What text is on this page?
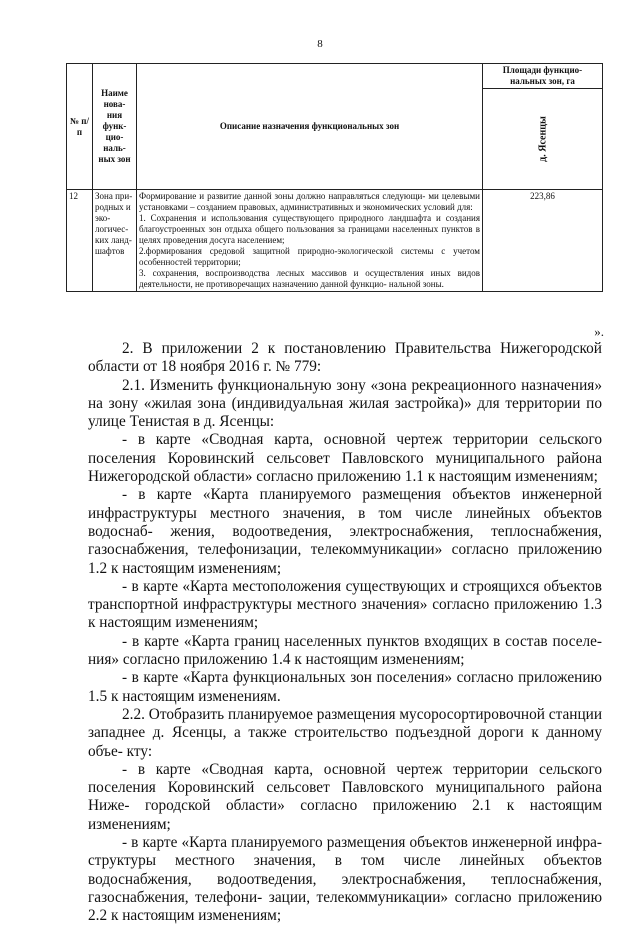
8
№ п/п	Наиме нова- ния функ- цио- наль- ных зон	Описание назначения функциональных зон	Площади функцио- нальных зон, га

			д. Ясенцы

12	Зона при- родных и эко- логичес- ких ланд- шафтов	Формирование и развитие данной зоны должно направляться следующи- ми целевыми установками – созданием правовых, административных и экономических условий для:
1. Сохранения и использования существующего природного ландшафта и создания благоустроенных зон отдыха общего пользования за границами населенных пунктов в целях проведения досуга населением;
2.формирования средовой защитной природно-экологической системы с учетом особенностей территории;
3. сохранения, воспроизводства лесных массивов и осуществления иных видов деятельности, не противоречащих назначению данной функцио- нальной зоны.	223,86
».

2. В приложении 2 к постановлению Правительства Нижегородской области от 18 ноября 2016 г. № 779:

2.1. Изменить функциональную зону «зона рекреационного назначения» на зону «жилая зона (индивидуальная жилая застройка)» для территории по улице Тенистая в д. Ясенцы:

- в карте «Сводная карта, основной чертеж территории сельского поселения Коровинский сельсовет Павловского муниципального района Нижегородской области» согласно приложению 1.1 к настоящим изменениям;

- в карте «Карта планируемого размещения объектов инженерной инфраструктуры местного значения, в том числе линейных объектов водоснаб- жения, водоотведения, электроснабжения, теплоснабжения, газоснабжения, телефонизации, телекоммуникации» согласно приложению 1.2 к настоящим изменениям;

- в карте «Карта местоположения существующих и строящихся объектов транспортной инфраструктуры местного значения» согласно приложению 1.3 к настоящим изменениям;

- в карте «Карта границ населенных пунктов входящих в состав поселе- ния» согласно приложению 1.4 к настоящим изменениям;

- в карте «Карта функциональных зон поселения» согласно приложению 1.5 к настоящим изменениям.

2.2. Отобразить планируемое размещения мусоросортировочной станции западнее д. Ясенцы, а также строительство подъездной дороги к данному объе- кту:

- в карте «Сводная карта, основной чертеж территории сельского поселения Коровинский сельсовет Павловского муниципального района Ниже- городской области» согласно приложению 2.1 к настоящим изменениям;

- в карте «Карта планируемого размещения объектов инженерной инфра- структуры местного значения, в том числе линейных объектов водоснабжения, водоотведения, электроснабжения, теплоснабжения, газоснабжения, телефони- зации, телекоммуникации» согласно приложению 2.2 к настоящим изменениям;
